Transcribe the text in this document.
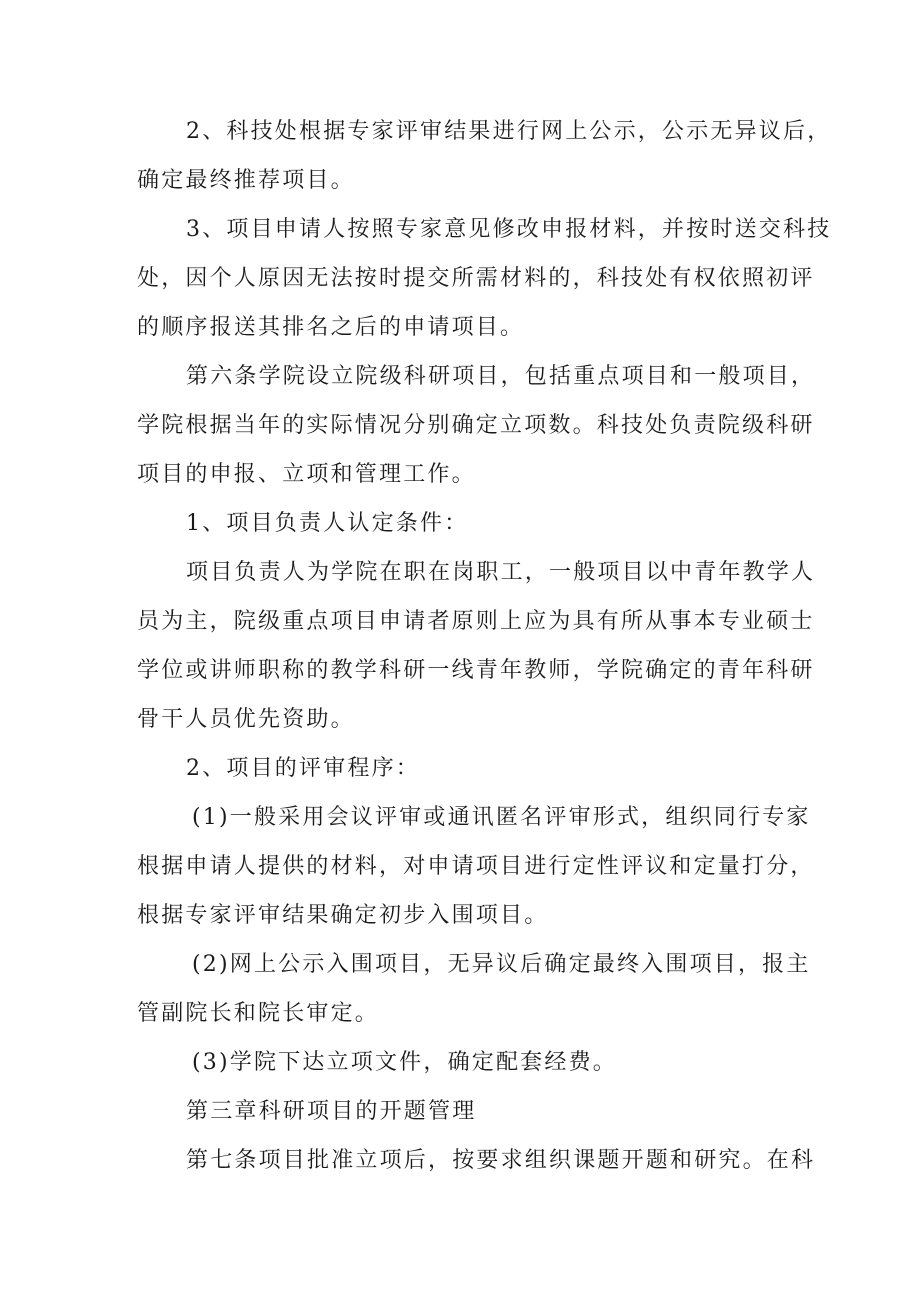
2、科技处根据专家评审结果进行网上公示，公示无异议后，
确定最终推荐项目。
3、项目申请人按照专家意见修改申报材料，并按时送交科技
处，因个人原因无法按时提交所需材料的，科技处有权依照初评
的顺序报送其排名之后的申请项目。
第六条学院设立院级科研项目，包括重点项目和一般项目，
学院根据当年的实际情况分别确定立项数。科技处负责院级科研
项目的申报、立项和管理工作。
1、项目负责人认定条件：
项目负责人为学院在职在岗职工，一般项目以中青年教学人
员为主，院级重点项目申请者原则上应为具有所从事本专业硕士
学位或讲师职称的教学科研一线青年教师，学院确定的青年科研
骨干人员优先资助。
2、项目的评审程序：
(1)一般采用会议评审或通讯匿名评审形式，组织同行专家
根据申请人提供的材料，对申请项目进行定性评议和定量打分，
根据专家评审结果确定初步入围项目。
(2)网上公示入围项目，无异议后确定最终入围项目，报主
管副院长和院长审定。
(3)学院下达立项文件，确定配套经费。
第三章科研项目的开题管理
第七条项目批准立项后，按要求组织课题开题和研究。在科
